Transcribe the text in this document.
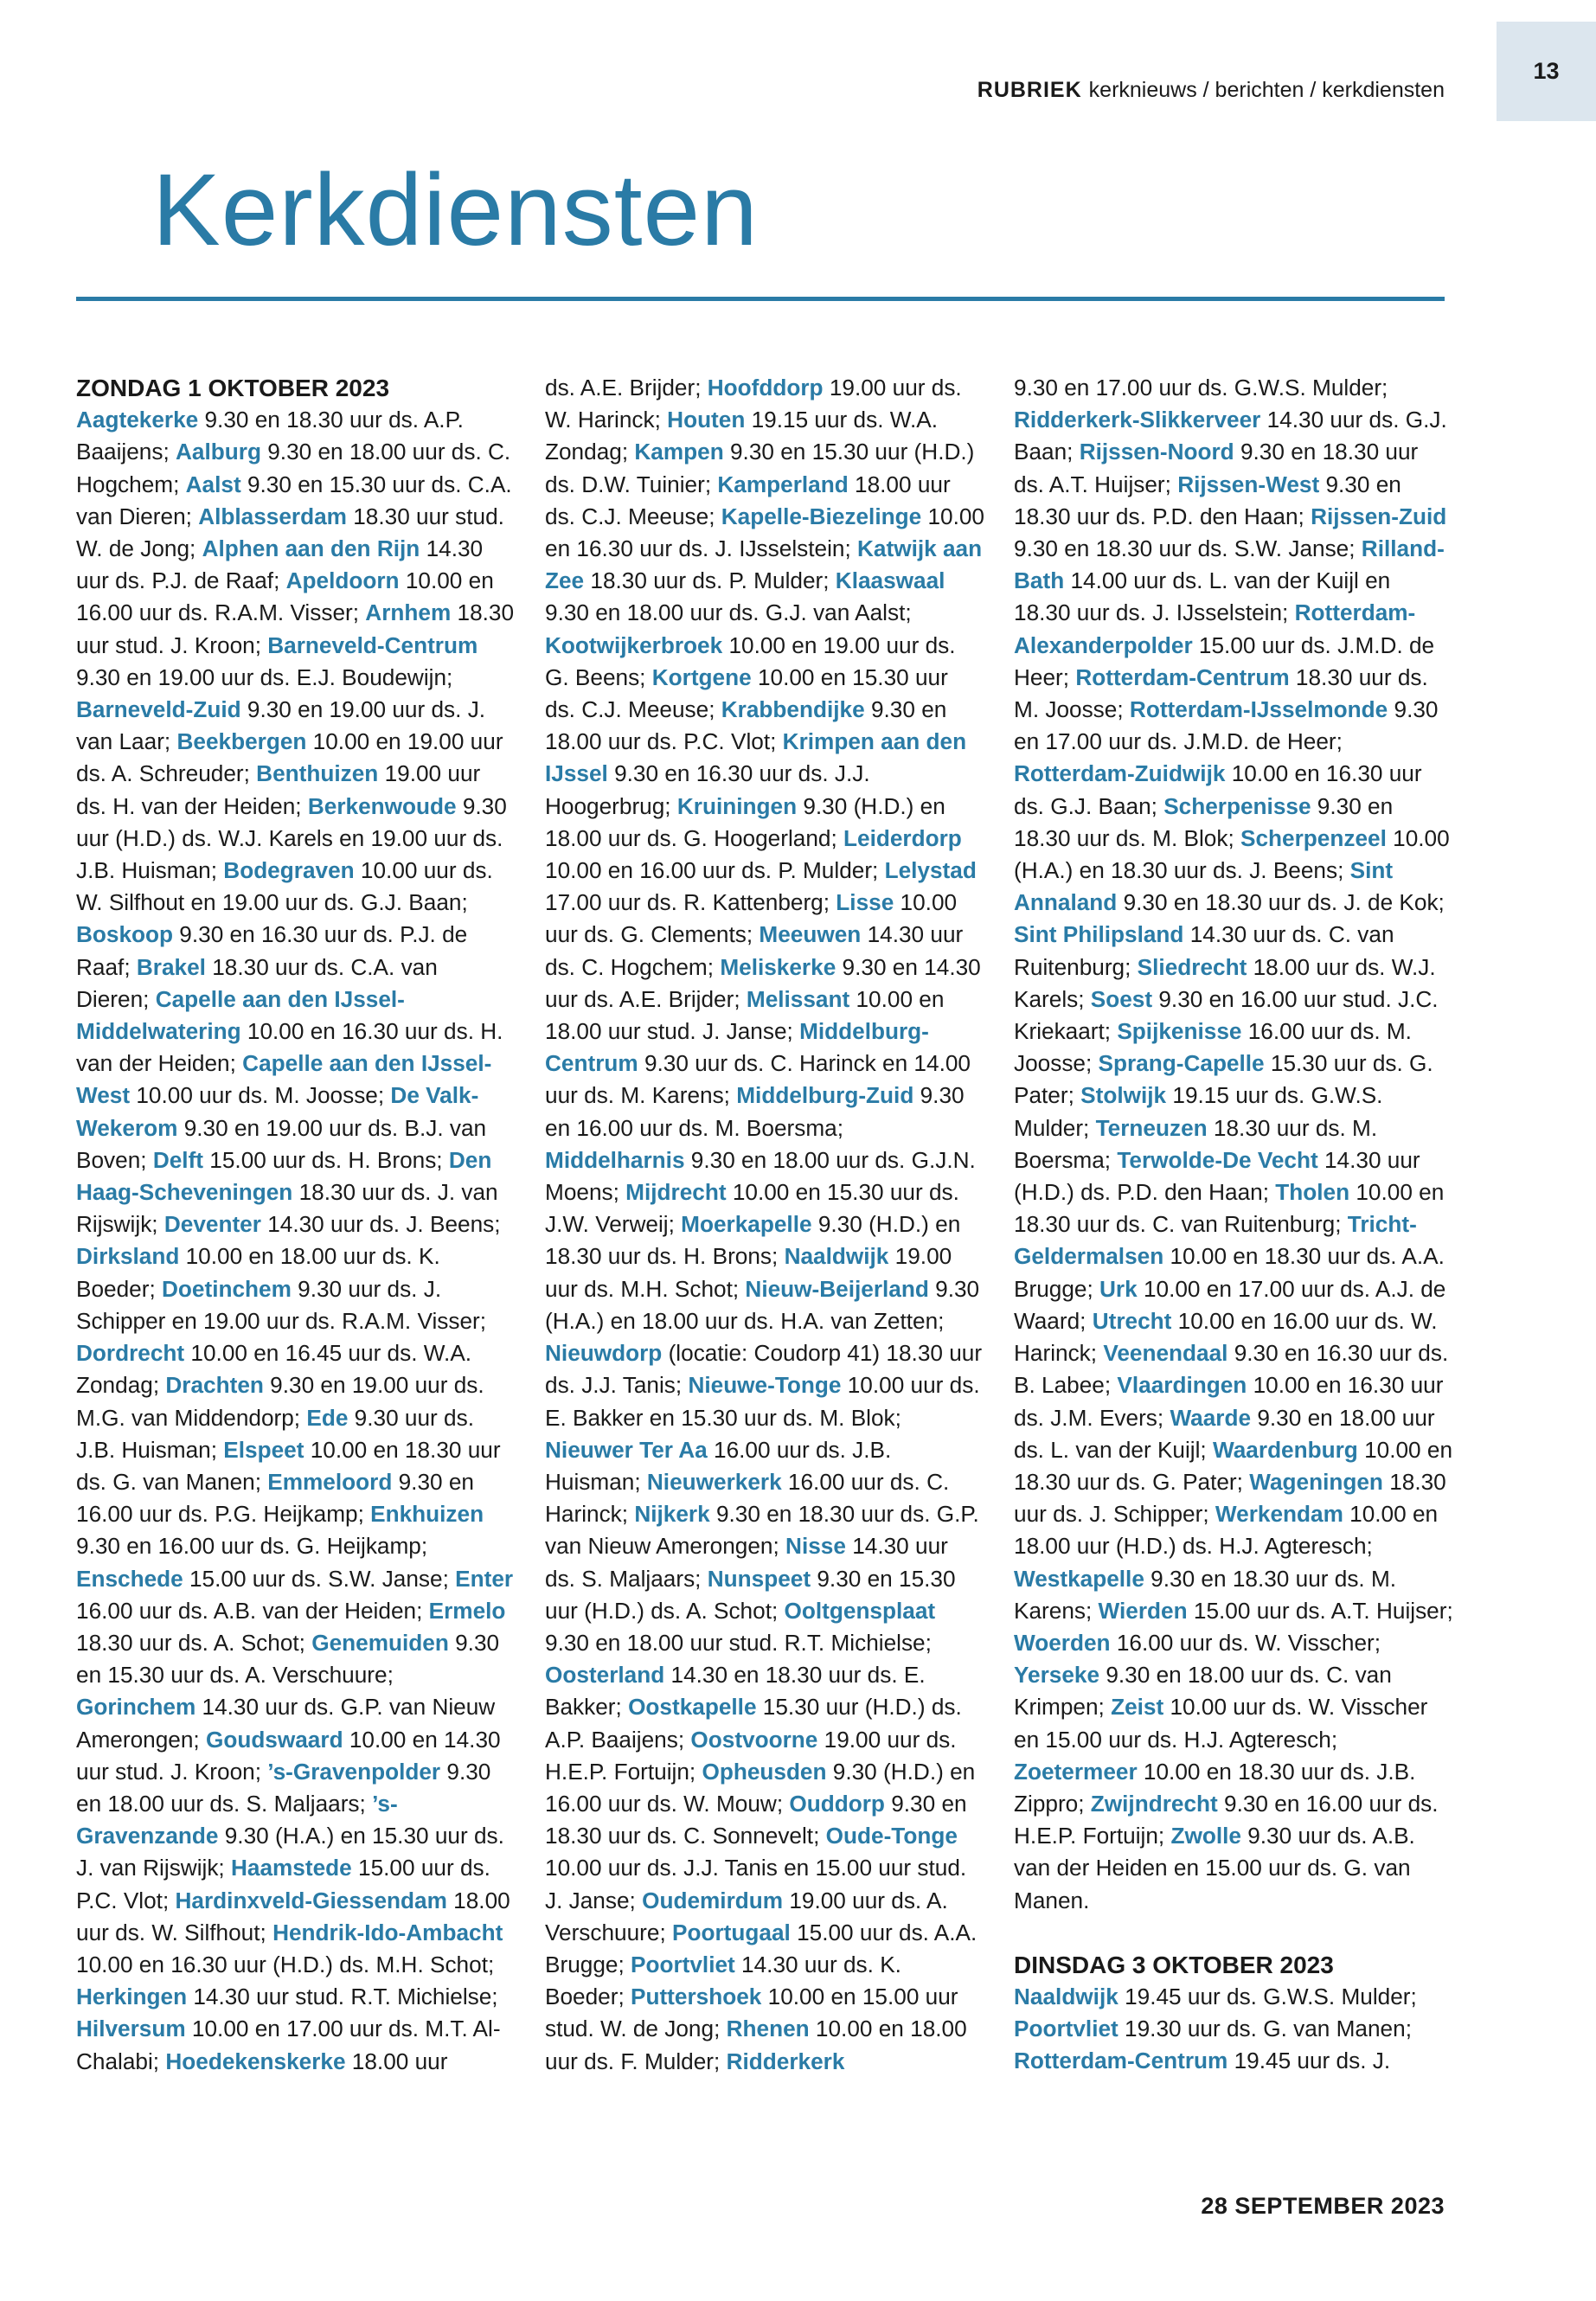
RUBRIEK kerknieuws / berichten / kerkdiensten
13
Kerkdiensten
ZONDAG 1 OKTOBER 2023

Aagtekerke 9.30 en 18.30 uur ds. A.P. Baaijens; Aalburg 9.30 en 18.00 uur ds. C. Hogchem; Aalst 9.30 en 15.30 uur ds. C.A. van Dieren; Alblasserdam 18.30 uur stud. W. de Jong; Alphen aan den Rijn 14.30 uur ds. P.J. de Raaf; Apeldoorn 10.00 en 16.00 uur ds. R.A.M. Visser; Arnhem 18.30 uur stud. J. Kroon; Barneveld-Centrum 9.30 en 19.00 uur ds. E.J. Boudewijn; Barneveld-Zuid 9.30 en 19.00 uur ds. J. van Laar; Beekbergen 10.00 en 19.00 uur ds. A. Schreuder; Benthuizen 19.00 uur ds. H. van der Heiden; Berkenwoude 9.30 uur (H.D.) ds. W.J. Karels en 19.00 uur ds. J.B. Huisman; Bodegraven 10.00 uur ds. W. Silfhout en 19.00 uur ds. G.J. Baan; Boskoop 9.30 en 16.30 uur ds. P.J. de Raaf; Brakel 18.30 uur ds. C.A. van Dieren; Capelle aan den IJssel-Middelwatering 10.00 en 16.30 uur ds. H. van der Heiden; Capelle aan den IJssel-West 10.00 uur ds. M. Joosse; De Valk-Wekerom 9.30 en 19.00 uur ds. B.J. van Boven; Delft 15.00 uur ds. H. Brons; Den Haag-Scheveningen 18.30 uur ds. J. van Rijswijk; Deventer 14.30 uur ds. J. Beens; Dirksland 10.00 en 18.00 uur ds. K. Boeder; Doetinchem 9.30 uur ds. J. Schipper en 19.00 uur ds. R.A.M. Visser; Dordrecht 10.00 en 16.45 uur ds. W.A. Zondag; Drachten 9.30 en 19.00 uur ds. M.G. van Middendorp; Ede 9.30 uur ds. J.B. Huisman; Elspeet 10.00 en 18.30 uur ds. G. van Manen; Emmeloord 9.30 en 16.00 uur ds. P.G. Heijkamp; Enkhuizen 9.30 en 16.00 uur ds. G. Heijkamp; Enschede 15.00 uur ds. S.W. Janse; Enter 16.00 uur ds. A.B. van der Heiden; Ermelo 18.30 uur ds. A. Schot; Genemuiden 9.30 en 15.30 uur ds. A. Verschuure; Gorinchem 14.30 uur ds. G.P. van Nieuw Amerongen; Goudswaard 10.00 en 14.30 uur stud. J. Kroon; ’s-Gravenpolder 9.30 en 18.00 uur ds. S. Maljaars; ’s-Gravenzande 9.30 (H.A.) en 15.30 uur ds. J. van Rijswijk; Haamstede 15.00 uur ds. P.C. Vlot; Hardinxveld-Giessendam 18.00 uur ds. W. Silfhout; Hendrik-Ido-Ambacht 10.00 en 16.30 uur (H.D.) ds. M.H. Schot; Herkingen 14.30 uur stud. R.T. Michielse; Hilversum 10.00 en 17.00 uur ds. M.T. Al-Chalabi; Hoedekenskerke 18.00 uur

ds. A.E. Brijder; Hoofddorp 19.00 uur ds. W. Harinck; Houten 19.15 uur ds. W.A. Zondag; Kampen 9.30 en 15.30 uur (H.D.) ds. D.W. Tuinier; Kamperland 18.00 uur ds. C.J. Meeuse; Kapelle-Biezelinge 10.00 en 16.30 uur ds. J. IJsselstein; Katwijk aan Zee 18.30 uur ds. P. Mulder; Klaaswaal 9.30 en 18.00 uur ds. G.J. van Aalst; Kootwijkerbroek 10.00 en 19.00 uur ds. G. Beens; Kortgene 10.00 en 15.30 uur ds. C.J. Meeuse; Krabbendijke 9.30 en 18.00 uur ds. P.C. Vlot; Krimpen aan den IJssel 9.30 en 16.30 uur ds. J.J. Hoogerbrug; Kruiningen 9.30 (H.D.) en 18.00 uur ds. G. Hoogerland; Leiderdorp 10.00 en 16.00 uur ds. P. Mulder; Lelystad 17.00 uur ds. R. Kattenberg; Lisse 10.00 uur ds. G. Clements; Meeuwen 14.30 uur ds. C. Hogchem; Meliskerke 9.30 en 14.30 uur ds. A.E. Brijder; Melissant 10.00 en 18.00 uur stud. J. Janse; Middelburg-Centrum 9.30 uur ds. C. Harinck en 14.00 uur ds. M. Karens; Middelburg-Zuid 9.30 en 16.00 uur ds. M. Boersma; Middelharnis 9.30 en 18.00 uur ds. G.J.N. Moens; Mijdrecht 10.00 en 15.30 uur ds. J.W. Verweij; Moerkapelle 9.30 (H.D.) en 18.30 uur ds. H. Brons; Naaldwijk 19.00 uur ds. M.H. Schot; Nieuw-Beijerland 9.30 (H.A.) en 18.00 uur ds. H.A. van Zetten; Nieuwdorp (locatie: Coudorp 41) 18.30 uur ds. J.J. Tanis; Nieuwe-Tonge 10.00 uur ds. E. Bakker en 15.30 uur ds. M. Blok; Nieuwer Ter Aa 16.00 uur ds. J.B. Huisman; Nieuwerkerk 16.00 uur ds. C. Harinck; Nijkerk 9.30 en 18.30 uur ds. G.P. van Nieuw Amerongen; Nisse 14.30 uur ds. S. Maljaars; Nunspeet 9.30 en 15.30 uur (H.D.) ds. A. Schot; Ooltgensplaat 9.30 en 18.00 uur stud. R.T. Michielse; Oosterland 14.30 en 18.30 uur ds. E. Bakker; Oostkapelle 15.30 uur (H.D.) ds. A.P. Baaijens; Oostvoorne 19.00 uur ds. H.E.P. Fortuijn; Opheusden 9.30 (H.D.) en 16.00 uur ds. W. Mouw; Ouddorp 9.30 en 18.30 uur ds. C. Sonnevelt; Oude-Tonge 10.00 uur ds. J.J. Tanis en 15.00 uur stud. J. Janse; Oudemirdum 19.00 uur ds. A. Verschuure; Poortugaal 15.00 uur ds. A.A. Brugge; Poortvliet 14.30 uur ds. K. Boeder; Puttershoek 10.00 en 15.00 uur stud. W. de Jong; Rhenen 10.00 en 18.00 uur ds. F. Mulder; Ridderkerk

9.30 en 17.00 uur ds. G.W.S. Mulder; Ridderkerk-Slikkerveer 14.30 uur ds. G.J. Baan; Rijssen-Noord 9.30 en 18.30 uur ds. A.T. Huijser; Rijssen-West 9.30 en 18.30 uur ds. P.D. den Haan; Rijssen-Zuid 9.30 en 18.30 uur ds. S.W. Janse; Rilland-Bath 14.00 uur ds. L. van der Kuijl en 18.30 uur ds. J. IJsselstein; Rotterdam-Alexanderpolder 15.00 uur ds. J.M.D. de Heer; Rotterdam-Centrum 18.30 uur ds. M. Joosse; Rotterdam-IJsselmonde 9.30 en 17.00 uur ds. J.M.D. de Heer; Rotterdam-Zuidwijk 10.00 en 16.30 uur ds. G.J. Baan; Scherpenisse 9.30 en 18.30 uur ds. M. Blok; Scherpenzeel 10.00 (H.A.) en 18.30 uur ds. J. Beens; Sint Annaland 9.30 en 18.30 uur ds. J. de Kok; Sint Philipsland 14.30 uur ds. C. van Ruitenburg; Sliedrecht 18.00 uur ds. W.J. Karels; Soest 9.30 en 16.00 uur stud. J.C. Kriekaart; Spijkenisse 16.00 uur ds. M. Joosse; Sprang-Capelle 15.30 uur ds. G. Pater; Stolwijk 19.15 uur ds. G.W.S. Mulder; Terneuzen 18.30 uur ds. M. Boersma; Terwolde-De Vecht 14.30 uur (H.D.) ds. P.D. den Haan; Tholen 10.00 en 18.30 uur ds. C. van Ruitenburg; Tricht-Geldermalsen 10.00 en 18.30 uur ds. A.A. Brugge; Urk 10.00 en 17.00 uur ds. A.J. de Waard; Utrecht 10.00 en 16.00 uur ds. W. Harinck; Veenendaal 9.30 en 16.30 uur ds. B. Labee; Vlaardingen 10.00 en 16.30 uur ds. J.M. Evers; Waarde 9.30 en 18.00 uur ds. L. van der Kuijl; Waardenburg 10.00 en 18.30 uur ds. G. Pater; Wageningen 18.30 uur ds. J. Schipper; Werkendam 10.00 en 18.00 uur (H.D.) ds. H.J. Agteresch; Westkapelle 9.30 en 18.30 uur ds. M. Karens; Wierden 15.00 uur ds. A.T. Huijser; Woerden 16.00 uur ds. W. Visscher; Yerseke 9.30 en 18.00 uur ds. C. van Krimpen; Zeist 10.00 uur ds. W. Visscher en 15.00 uur ds. H.J. Agteresch; Zoetermeer 10.00 en 18.30 uur ds. J.B. Zippro; Zwijndrecht 9.30 en 16.00 uur ds. H.E.P. Fortuijn; Zwolle 9.30 uur ds. A.B. van der Heiden en 15.00 uur ds. G. van Manen.

DINSDAG 3 OKTOBER 2023

Naaldwijk 19.45 uur ds. G.W.S. Mulder; Poortvliet 19.30 uur ds. G. van Manen; Rotterdam-Centrum 19.45 uur ds. J.

28 SEPTEMBER 2023
